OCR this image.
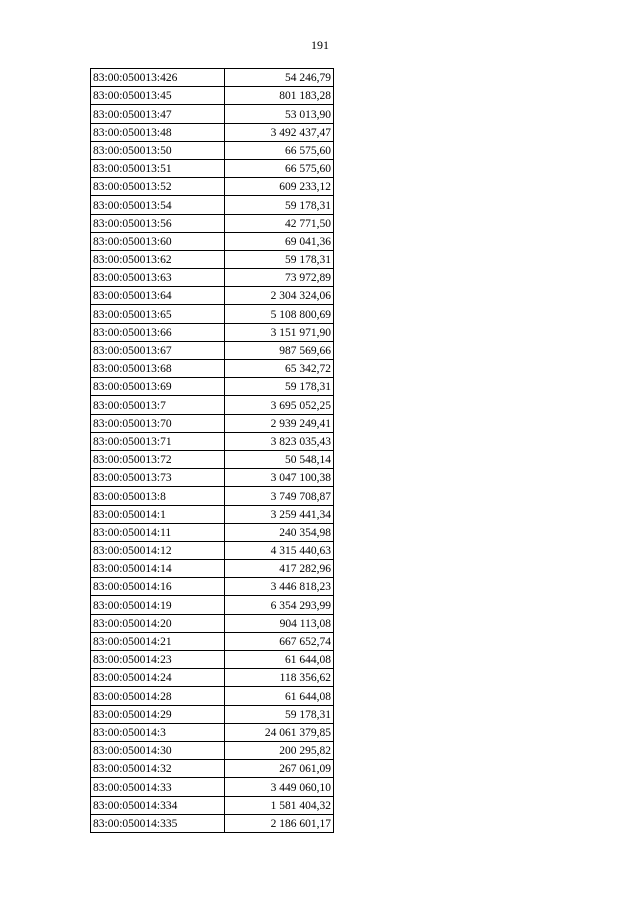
191
83:00:050013:426	54 246,79
83:00:050013:45	801 183,28
83:00:050013:47	53 013,90
83:00:050013:48	3 492 437,47
83:00:050013:50	66 575,60
83:00:050013:51	66 575,60
83:00:050013:52	609 233,12
83:00:050013:54	59 178,31
83:00:050013:56	42 771,50
83:00:050013:60	69 041,36
83:00:050013:62	59 178,31
83:00:050013:63	73 972,89
83:00:050013:64	2 304 324,06
83:00:050013:65	5 108 800,69
83:00:050013:66	3 151 971,90
83:00:050013:67	987 569,66
83:00:050013:68	65 342,72
83:00:050013:69	59 178,31
83:00:050013:7	3 695 052,25
83:00:050013:70	2 939 249,41
83:00:050013:71	3 823 035,43
83:00:050013:72	50 548,14
83:00:050013:73	3 047 100,38
83:00:050013:8	3 749 708,87
83:00:050014:1	3 259 441,34
83:00:050014:11	240 354,98
83:00:050014:12	4 315 440,63
83:00:050014:14	417 282,96
83:00:050014:16	3 446 818,23
83:00:050014:19	6 354 293,99
83:00:050014:20	904 113,08
83:00:050014:21	667 652,74
83:00:050014:23	61 644,08
83:00:050014:24	118 356,62
83:00:050014:28	61 644,08
83:00:050014:29	59 178,31
83:00:050014:3	24 061 379,85
83:00:050014:30	200 295,82
83:00:050014:32	267 061,09
83:00:050014:33	3 449 060,10
83:00:050014:334	1 581 404,32
83:00:050014:335	2 186 601,17
